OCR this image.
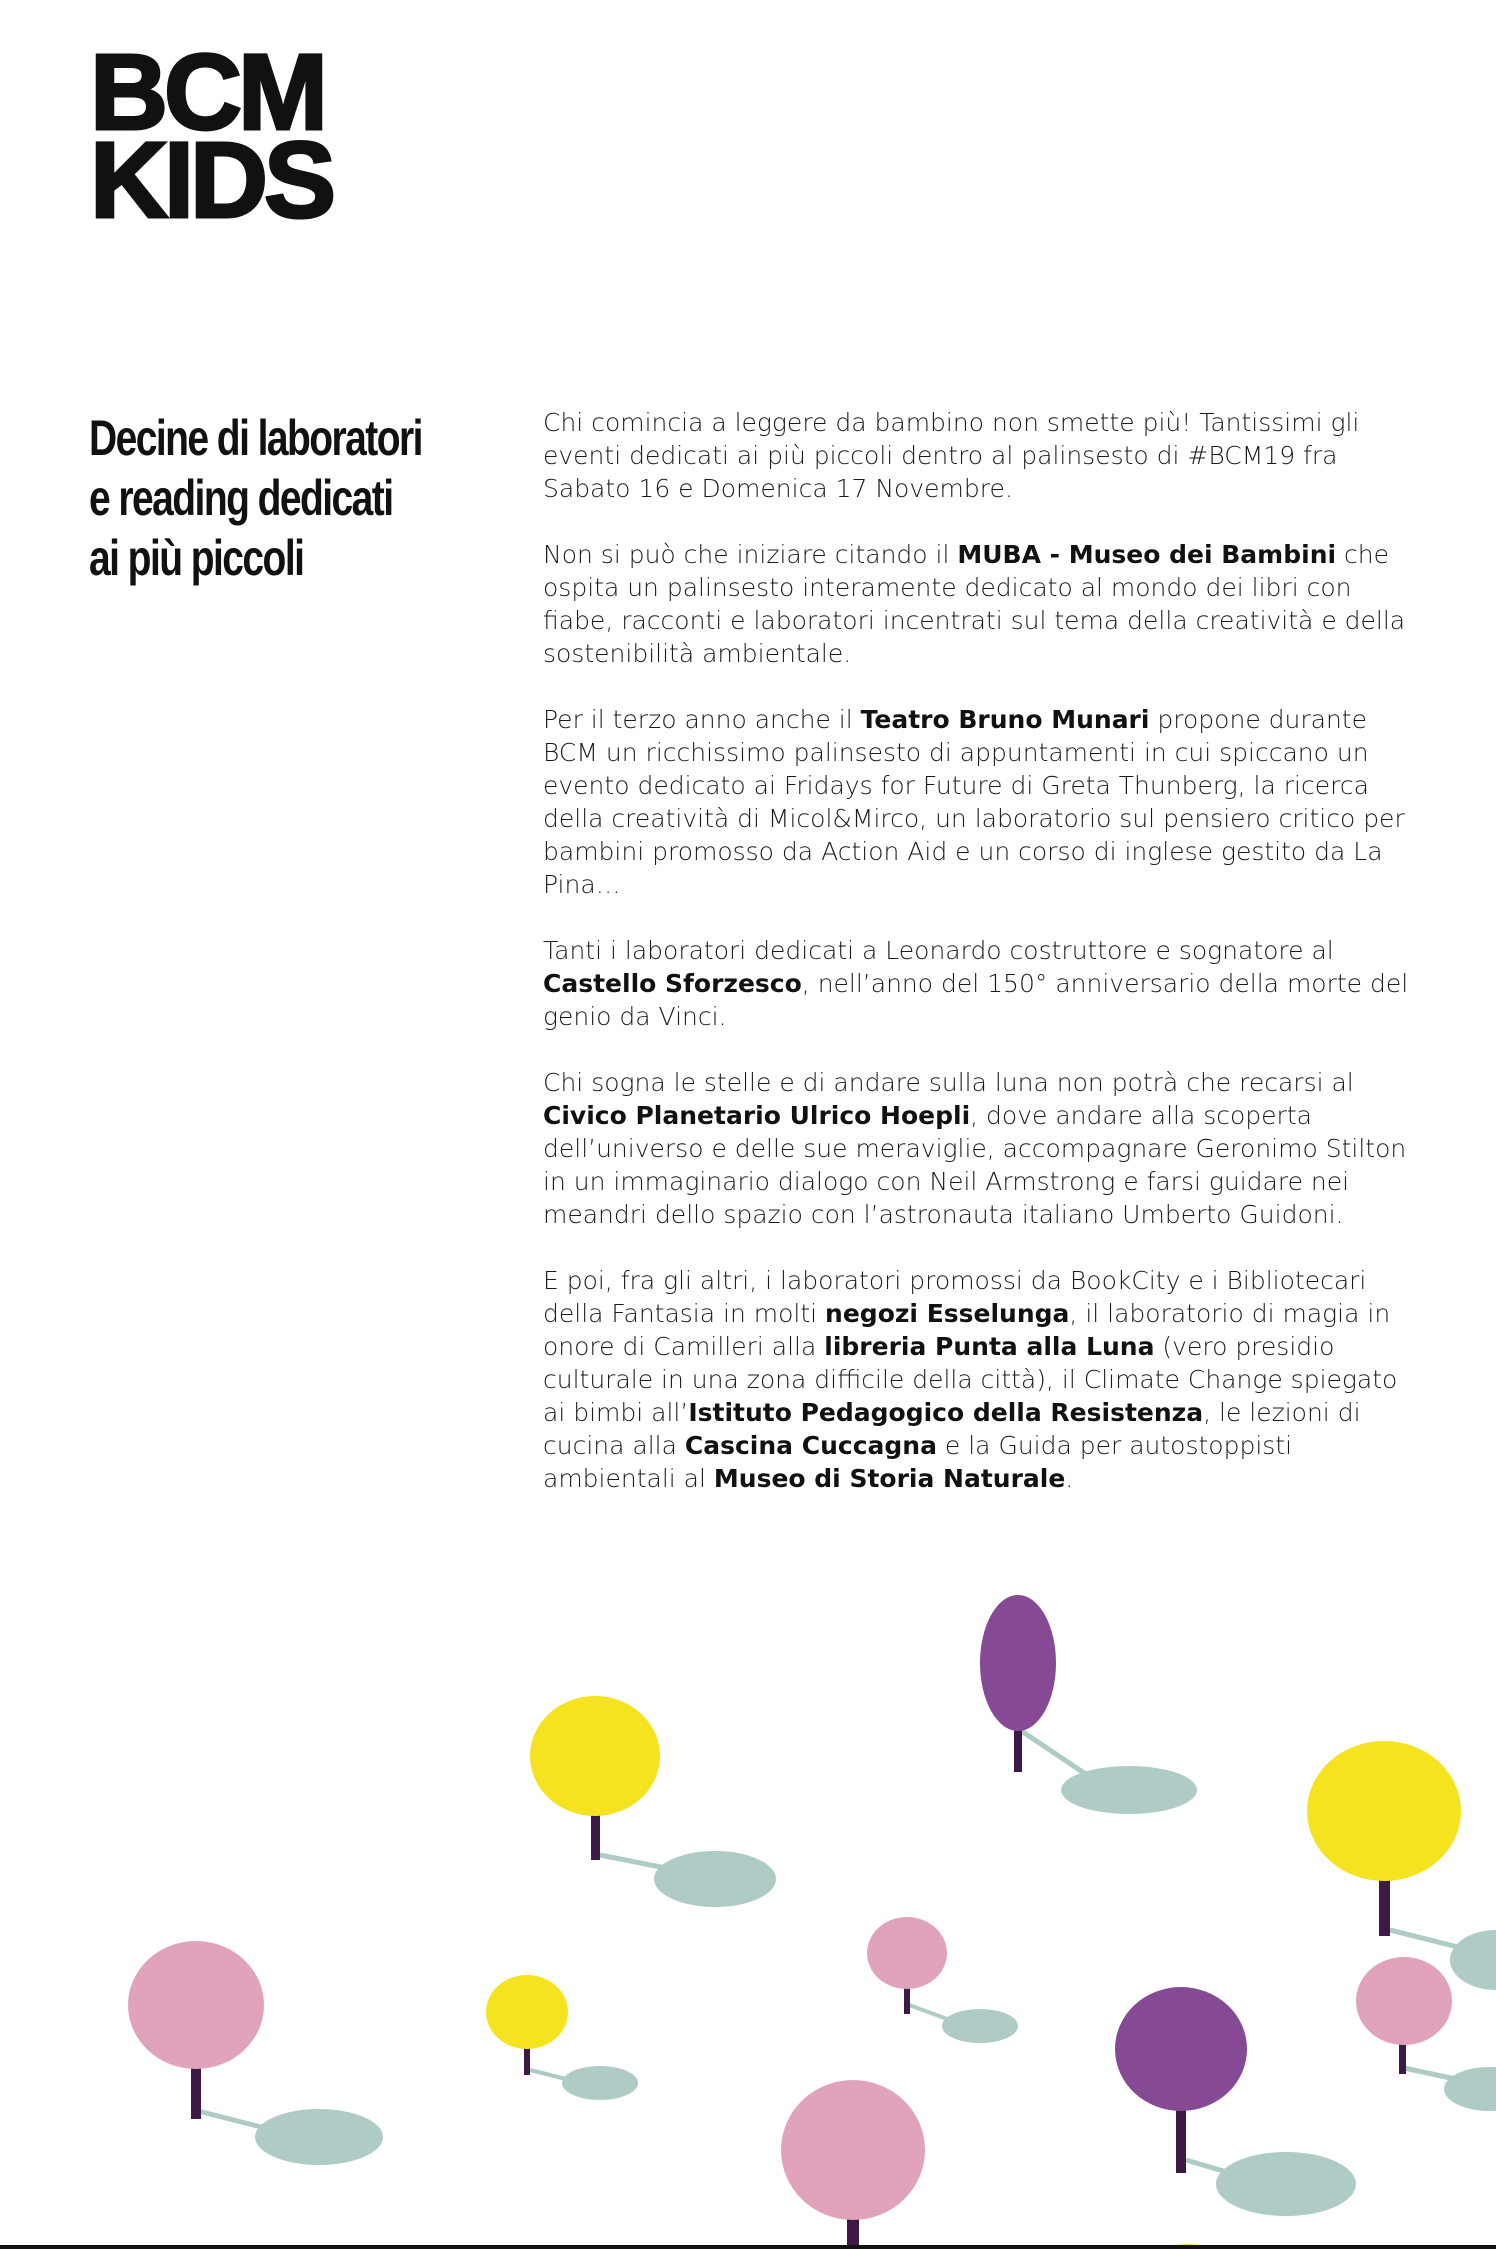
BCM
KIDS
Decine di laboratori
e reading dedicati
ai più piccoli

Chi comincia a leggere da bambino non smette più! Tantissimi gli eventi dedicati ai più piccoli dentro al palinsesto di #BCM19 fra Sabato 16 e Domenica 17 Novembre.

Non si può che iniziare citando il MUBA - Museo dei Bambini che ospita un palinsesto interamente dedicato al mondo dei libri con fiabe, racconti e laboratori incentrati sul tema della creatività e della sostenibilità ambientale.

Per il terzo anno anche il Teatro Bruno Munari propone durante BCM un ricchissimo palinsesto di appuntamenti in cui spiccano un evento dedicato ai Fridays for Future di Greta Thunberg, la ricerca della creatività di Micol&Mirco, un laboratorio sul pensiero critico per bambini promosso da Action Aid e un corso di inglese gestito da La Pina…

Tanti i laboratori dedicati a Leonardo costruttore e sognatore al Castello Sforzesco, nell’anno del 150° anniversario della morte del genio da Vinci.

Chi sogna le stelle e di andare sulla luna non potrà che recarsi al Civico Planetario Ulrico Hoepli, dove andare alla scoperta dell’universo e delle sue meraviglie, accompagnare Geronimo Stilton in un immaginario dialogo con Neil Armstrong e farsi guidare nei meandri dello spazio con l’astronauta italiano Umberto Guidoni.

E poi, fra gli altri, i laboratori promossi da BookCity e i Bibliotecari della Fantasia in molti negozi Esselunga, il laboratorio di magia in onore di Camilleri alla libreria Punta alla Luna (vero presidio culturale in una zona difficile della città), il Climate Change spiegato ai bimbi all’Istituto Pedagogico della Resistenza, le lezioni di cucina alla Cascina Cuccagna e la Guida per autostoppisti ambientali al Museo di Storia Naturale.
